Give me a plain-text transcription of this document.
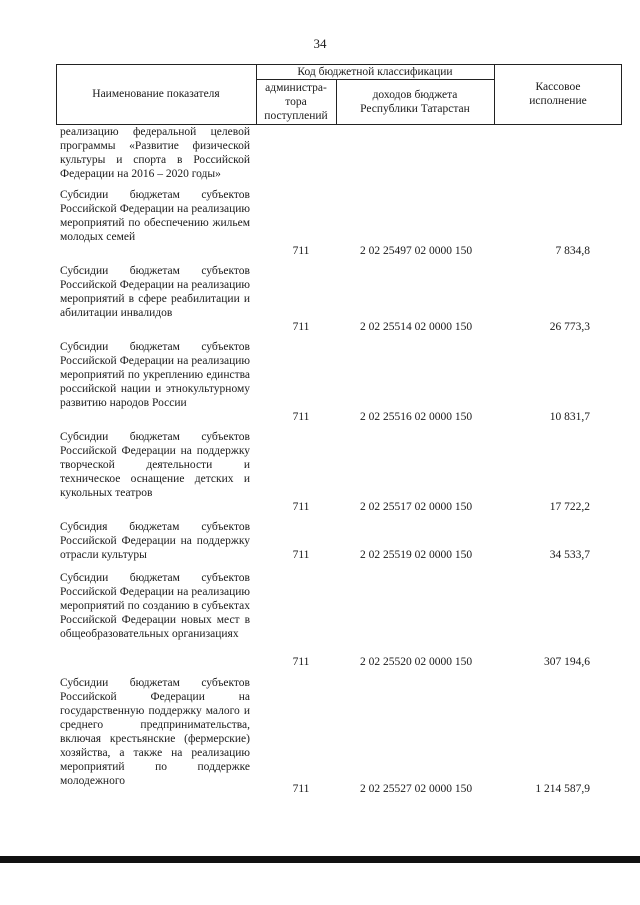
34
Наименование показателя
Код бюджетной классификации
администра-
тора
поступлений
доходов бюджета
Республики Татарстан
Кассовое
исполнение
реализацию федеральной целевой программы «Развитие физической культуры и спорта в Российской Федерации на 2016 – 2020 годы»
Субсидии бюджетам субъектов Российской Федерации на реализацию мероприятий по обеспечению жильем молодых семей
711	2 02 25497 02 0000 150	7 834,8
Субсидии бюджетам субъектов Российской Федерации на реализацию мероприятий в сфере реабилитации и абилитации инвалидов
711	2 02 25514 02 0000 150	26 773,3
Субсидии бюджетам субъектов Российской Федерации на реализацию мероприятий по укреплению единства российской нации и этнокультурному развитию народов России
711	2 02 25516 02 0000 150	10 831,7
Субсидии бюджетам субъектов Российской Федерации на поддержку творческой деятельности и техническое оснащение детских и кукольных театров
711	2 02 25517 02 0000 150	17 722,2
Субсидия бюджетам субъектов Российской Федерации на поддержку отрасли культуры	711	2 02 25519 02 0000 150	34 533,7
Субсидии бюджетам субъектов Российской Федерации на реализацию мероприятий по созданию в субъектах Российской Федерации новых мест в общеобразовательных организациях
711	2 02 25520 02 0000 150	307 194,6
Субсидии бюджетам субъектов Российской Федерации на государственную поддержку малого и среднего предпринимательства, включая крестьянские (фермерские) хозяйства, а также на реализацию мероприятий по поддержке молодежного
711	2 02 25527 02 0000 150	1 214 587,9
